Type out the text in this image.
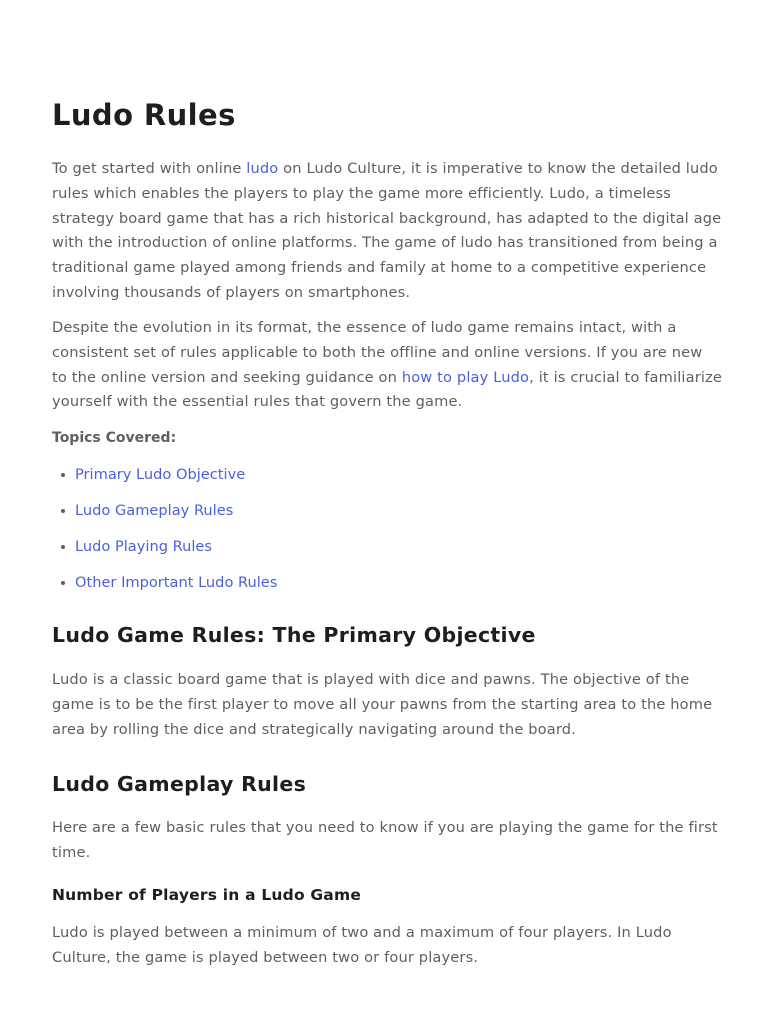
Ludo Rules

To get started with online ludo on Ludo Culture, it is imperative to know the detailed ludo rules which enables the players to play the game more efficiently. Ludo, a timeless strategy board game that has a rich historical background, has adapted to the digital age with the introduction of online platforms. The game of ludo has transitioned from being a traditional game played among friends and family at home to a competitive experience involving thousands of players on smartphones.

Despite the evolution in its format, the essence of ludo game remains intact, with a consistent set of rules applicable to both the offline and online versions. If you are new to the online version and seeking guidance on how to play Ludo, it is crucial to familiarize yourself with the essential rules that govern the game.

Topics Covered:

Primary Ludo Objective
Ludo Gameplay Rules
Ludo Playing Rules
Other Important Ludo Rules
Ludo Game Rules: The Primary Objective

Ludo is a classic board game that is played with dice and pawns. The objective of the game is to be the first player to move all your pawns from the starting area to the home area by rolling the dice and strategically navigating around the board.

Ludo Gameplay Rules

Here are a few basic rules that you need to know if you are playing the game for the first time.

Number of Players in a Ludo Game

Ludo is played between a minimum of two and a maximum of four players. In Ludo Culture, the game is played between two or four players.
